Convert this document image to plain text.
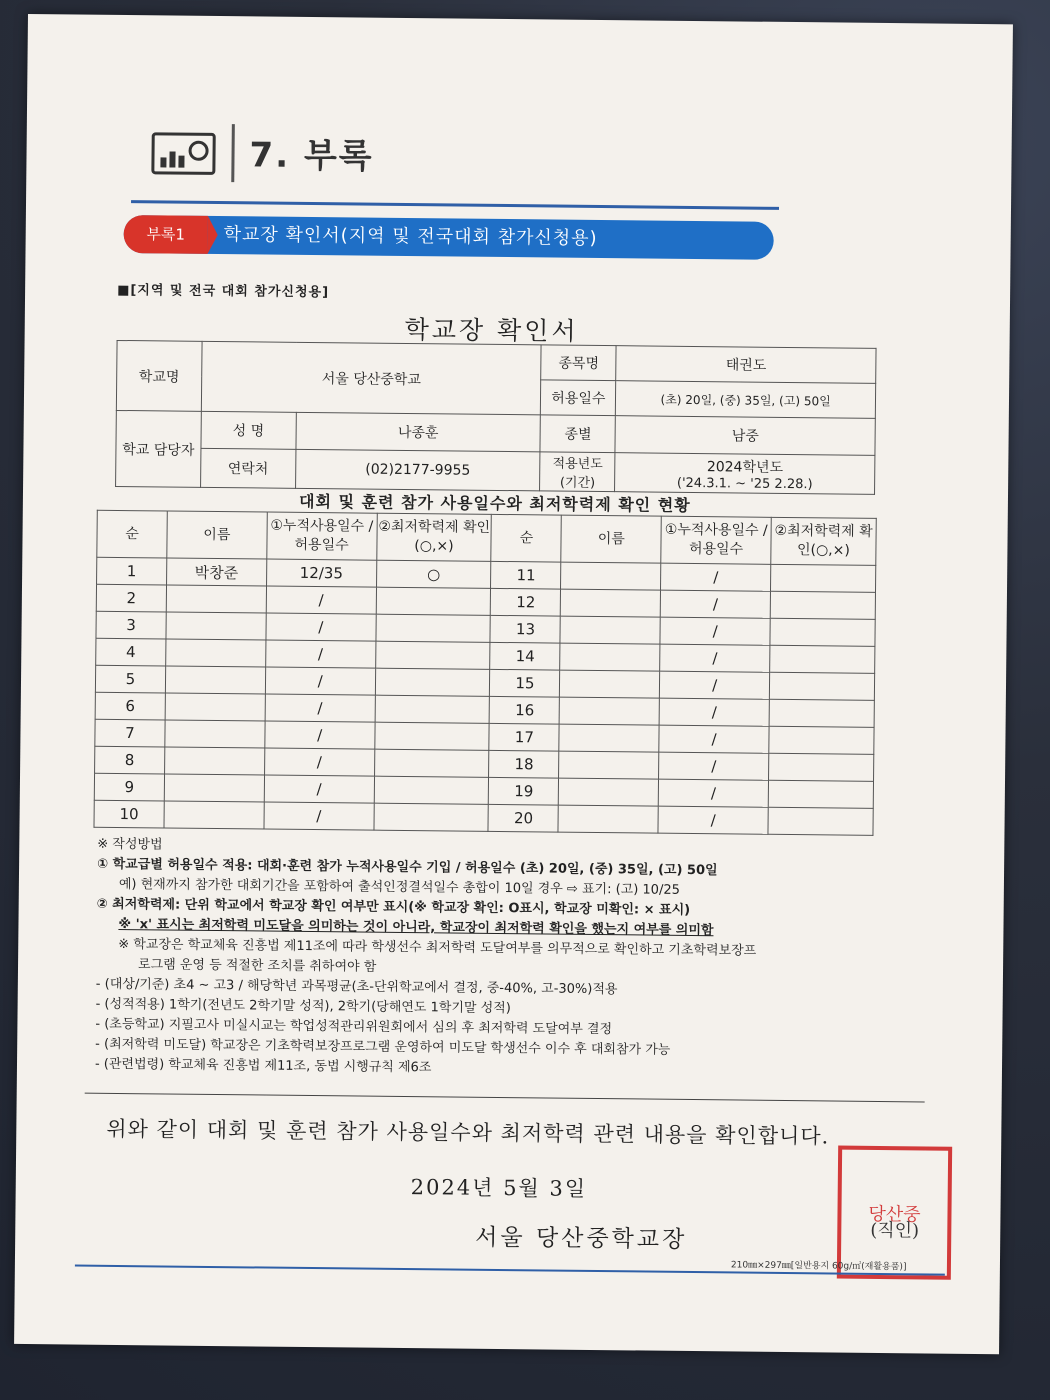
7. 부록
부록1	학교장 확인서(지역 및 전국대회 참가신청용)
■[지역 및 전국 대회 참가신청용]
학교장 확인서
학교명	서울 당산중학교		종목명	태권도
			허용일수	(초) 20일, (중) 35일, (고) 50일
학교 담당자	성 명	나종훈	종별	남중
	연락처	(02)2177-9955	적용년도 (기간)	2024학년도
('24.3.1. ~ '25 2.28.)
대회 및 훈련 참가 사용일수와 최저학력제 확인 현황
순	이름	①누적사용일수 /허용일수	②최저학력제 확인(○,×)	순	이름	①누적사용일수 /허용일수	②최저학력제 확인(○,×)
1	박창준	12/35	○	11		/	
2		/		12		/	
3		/		13		/	
4		/		14		/	
5		/		15		/	
6		/		16		/	
7		/		17		/	
8		/		18		/	
9		/		19		/	
10		/		20		/	
※ 작성방법
① 학교급별 허용일수 적용: 대회·훈련 참가 누적사용일수 기입 / 허용일수 (초) 20일, (중) 35일, (고) 50일
예) 현재까지 참가한 대회기간을 포함하여 출석인정결석일수 총합이 10일 경우 ⇨ 표기: (고) 10/25
② 최저학력제: 단위 학교에서 학교장 확인 여부만 표시(※ 학교장 확인: O표시, 학교장 미확인: × 표시)
※ 'x' 표시는 최저학력 미도달을 의미하는 것이 아니라, 학교장이 최저학력 확인을 했는지 여부를 의미함
※ 학교장은 학교체육 진흥법 제11조에 따라 학생선수 최저학력 도달여부를 의무적으로 확인하고 기초학력보장프
로그램 운영 등 적절한 조치를 취하여야 함
- (대상/기준) 초4 ~ 고3 / 해당학년 과목평균(초-단위학교에서 결정, 중-40%, 고-30%)적용
- (성적적용) 1학기(전년도 2학기말 성적), 2학기(당해연도 1학기말 성적)
- (초등학교) 지필고사 미실시교는 학업성적관리위원회에서 심의 후 최저학력 도달여부 결정
- (최저학력 미도달) 학교장은 기초학력보장프로그램 운영하여 미도달 학생선수 이수 후 대회참가 가능
- (관련법령) 학교체육 진흥법 제11조, 동법 시행규칙 제6조
위와 같이 대회 및 훈련 참가 사용일수와 최저학력 관련 내용을 확인합니다.
2024년 5월 3일
서울 당산중학교장
당산중
(직인)
210㎜×297㎜[일반용지 60g/㎡(재활용품)]
